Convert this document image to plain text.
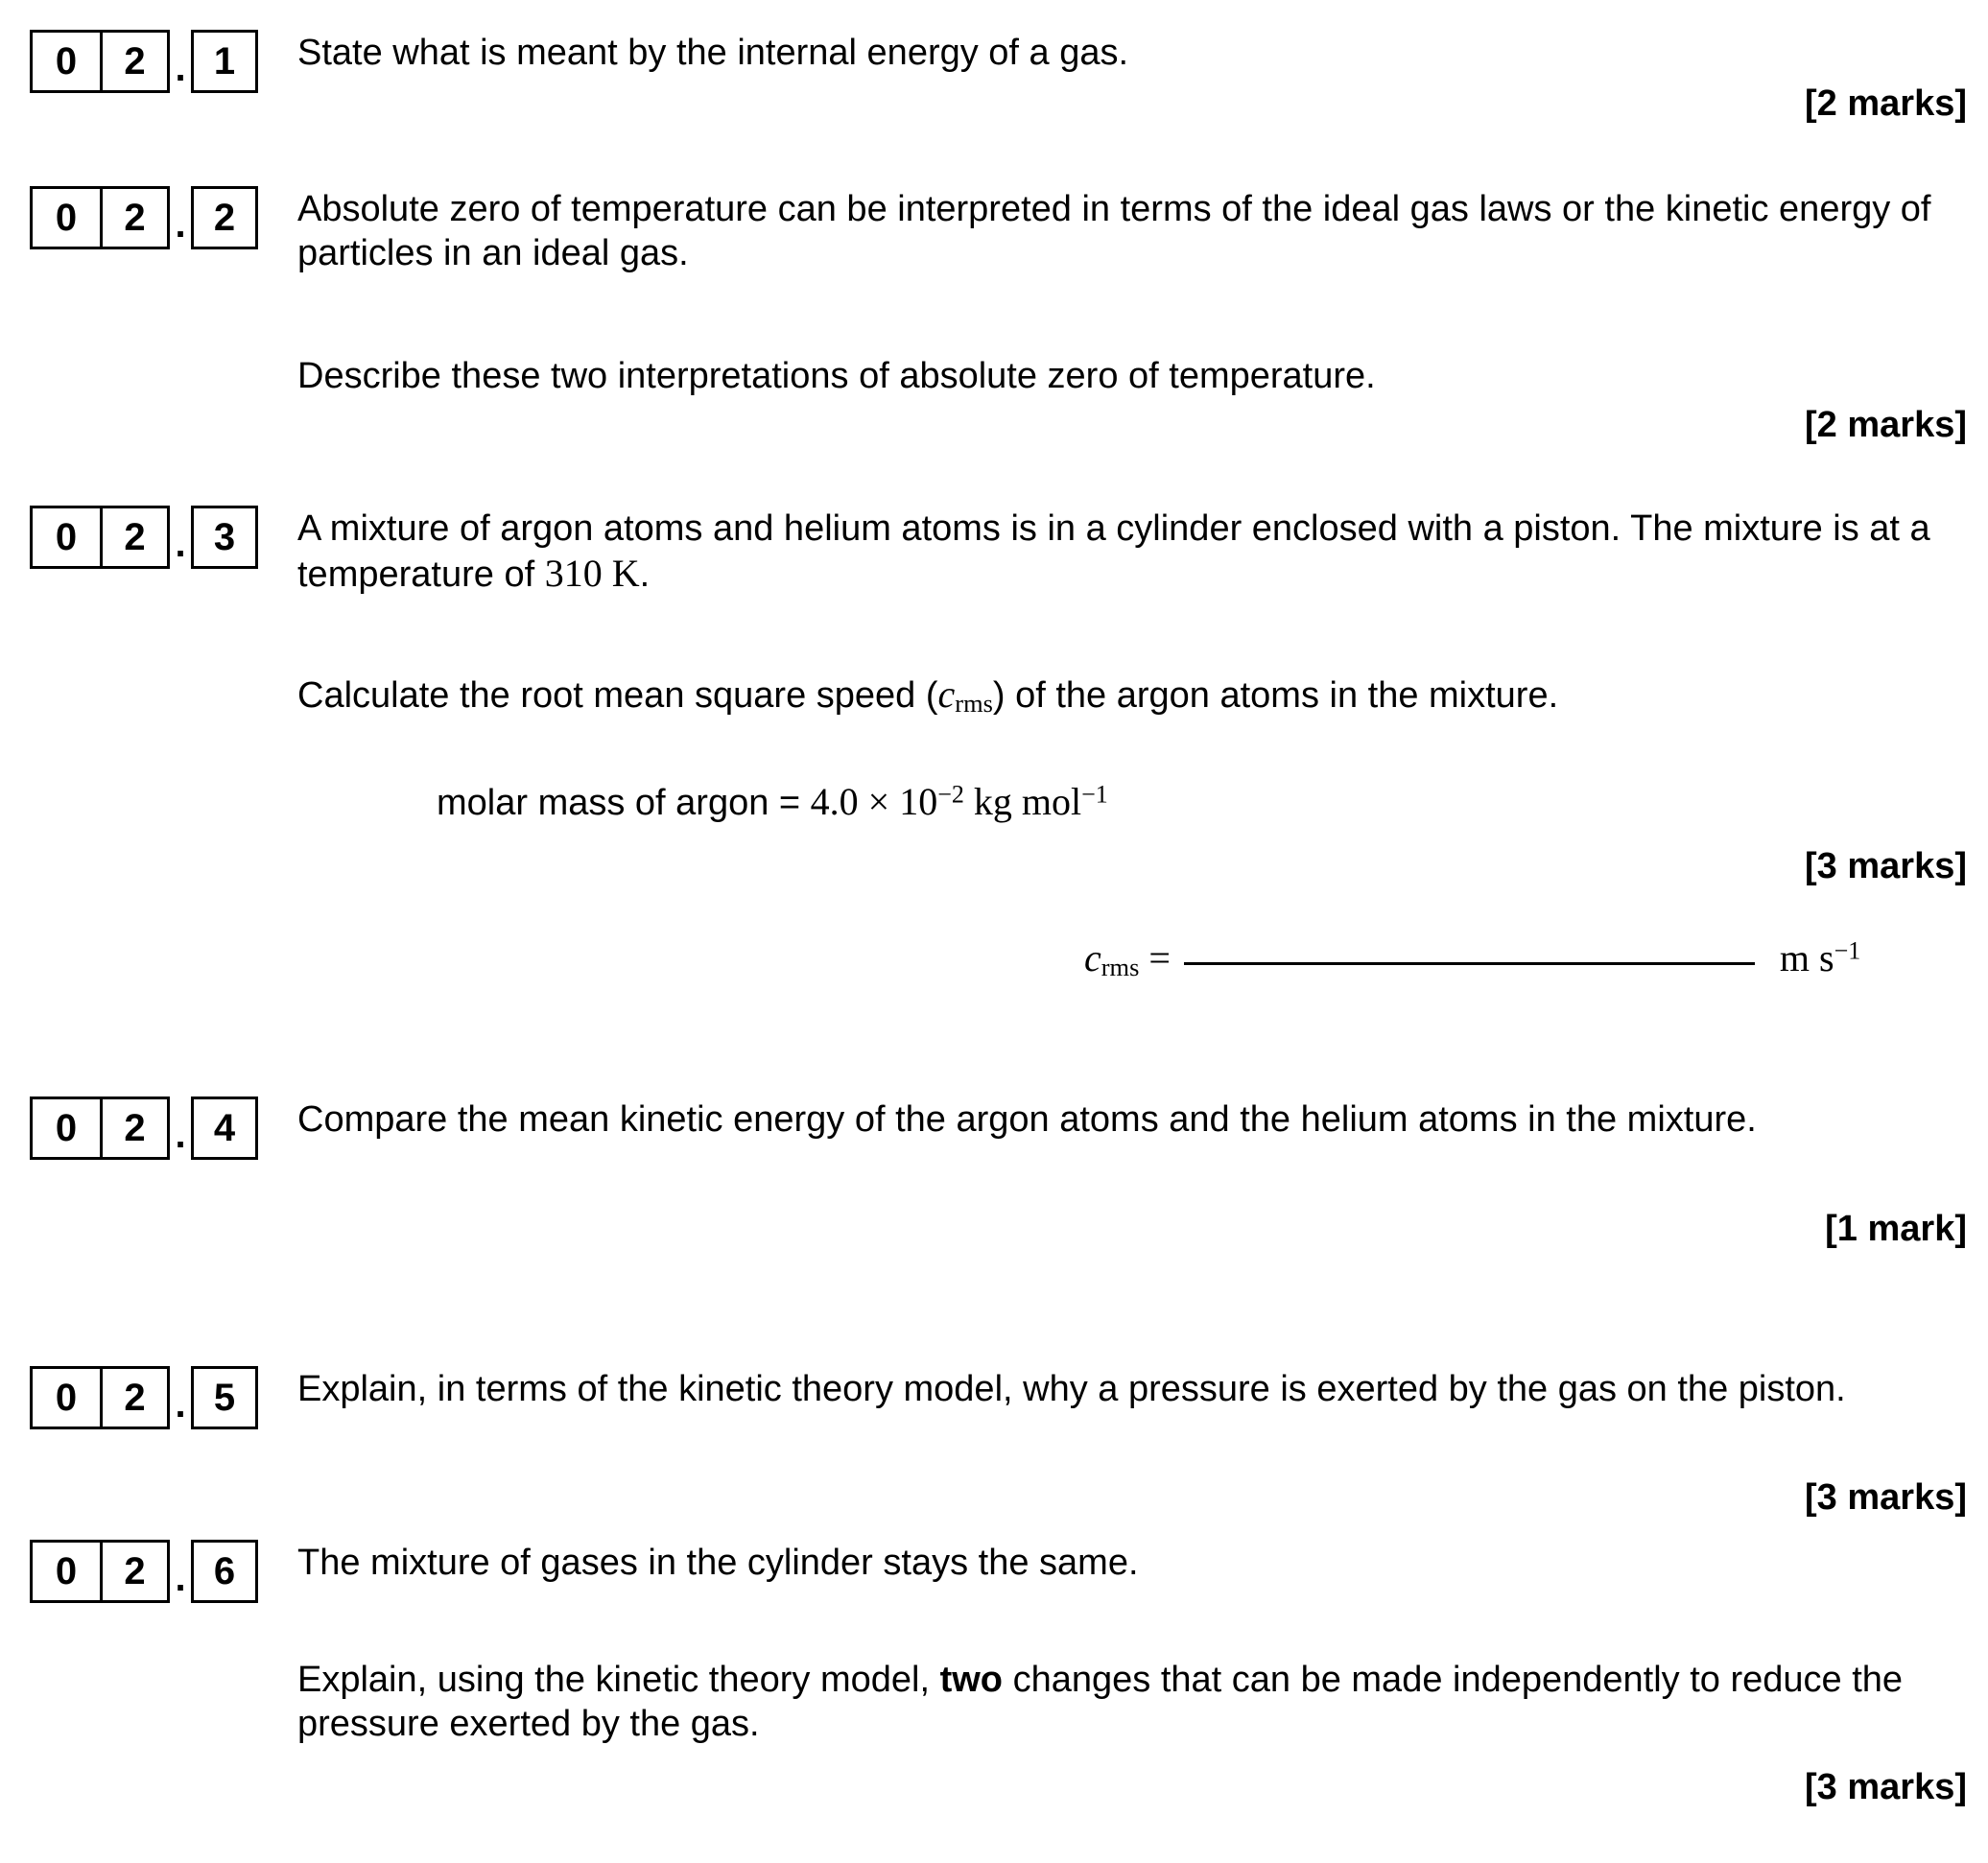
0	2 . 1	State what is meant by the internal energy of a gas.
[2 marks]
0	2 . 2	Absolute zero of temperature can be interpreted in terms of the ideal gas laws or the kinetic energy of particles in an ideal gas.
Describe these two interpretations of absolute zero of temperature.
[2 marks]
0	2 . 3	A mixture of argon atoms and helium atoms is in a cylinder enclosed with a piston. The mixture is at a temperature of 310 K.
Calculate the root mean square speed $(c_{rms})$ of the argon atoms in the mixture.
molar mass of argon = $4.0 \times 10^{-2}$ kg mol$^{-1}$
[3 marks]
$c_{rms}$ =	m $s^{-1}$
0	2 . 4	Compare the mean kinetic energy of the argon atoms and the helium atoms in the mixture.
[1 mark]
0	2 . 5	Explain, in terms of the kinetic theory model, why a pressure is exerted by the gas on the piston.
[3 marks]
0	2 . 6	The mixture of gases in the cylinder stays the same.
Explain, using the kinetic theory model, two changes that can be made independently to reduce the pressure exerted by the gas.
[3 marks]
